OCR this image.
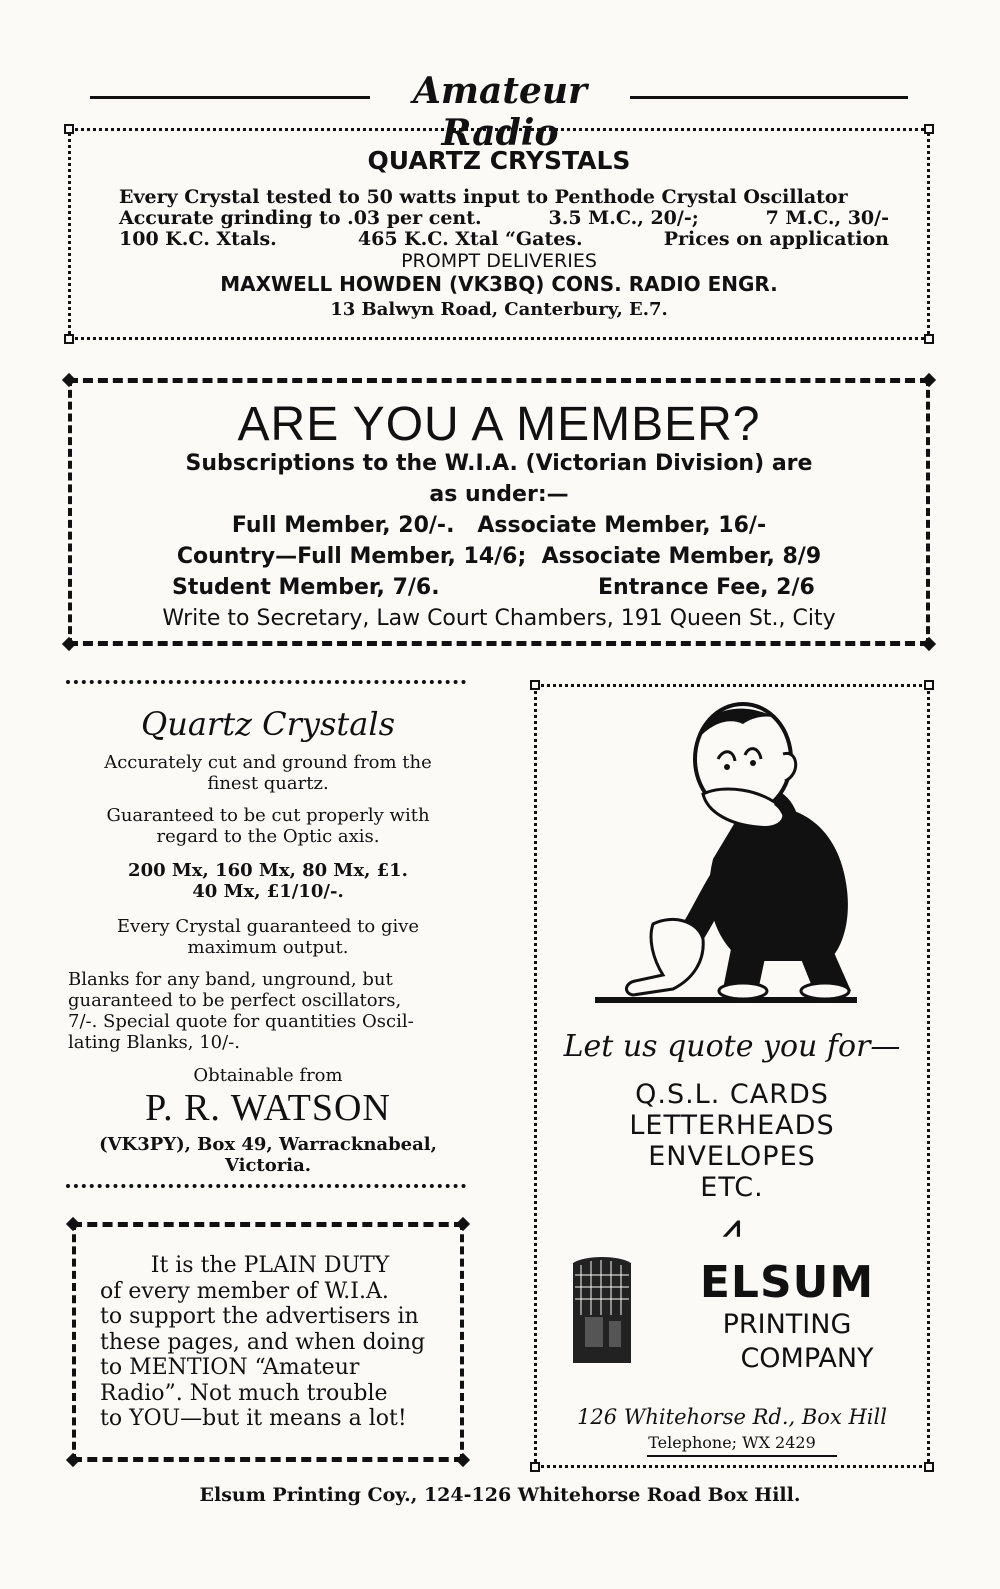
Amateur Radio
QUARTZ CRYSTALS
Every Crystal tested to 50 watts input to Penthode Crystal Oscillator
Accurate grinding to .03 per cent.	3.5 M.C., 20/-;	7 M.C., 30/-
100 K.C. Xtals.	465 K.C. Xtal “Gates.	Prices on application
PROMPT DELIVERIES
MAXWELL HOWDEN (VK3BQ) CONS. RADIO ENGR.
13 Balwyn Road, Canterbury, E.7.
ARE YOU A MEMBER?
Subscriptions to the W.I.A. (Victorian Division) are
as under:—
Full Member, 20/-.   Associate Member, 16/-
Country—Full Member, 14/6;  Associate Member, 8/9
Student Member, 7/6.	Entrance Fee, 2/6
Write to Secretary, Law Court Chambers, 191 Queen St., City
Quartz Crystals
Accurately cut and ground from the
finest quartz.
Guaranteed to be cut properly with
regard to the Optic axis.
200 Mx, 160 Mx, 80 Mx, £1.
40 Mx, £1/10/-.
Every Crystal guaranteed to give
maximum output.
Blanks for any band, unground, but
guaranteed to be perfect oscillators,
7/-. Special quote for quantities Oscil-
lating Blanks, 10/-.
Obtainable from
P. R. WATSON
(VK3PY), Box 49, Warracknabeal,
Victoria.
It is the PLAIN DUTY
of every member of W.I.A.
to support the advertisers in
these pages, and when doing
to MENTION “Amateur
Radio”. Not much trouble
to YOU—but it means a lot!
Let us quote you for—
Q.S.L. CARDS
LETTERHEADS
ENVELOPES
ETC.
⩘
ELSUM
PRINTING
COMPANY
126 Whitehorse Rd., Box Hill
Telephone; WX 2429
Elsum Printing Coy., 124-126 Whitehorse Road Box Hill.
